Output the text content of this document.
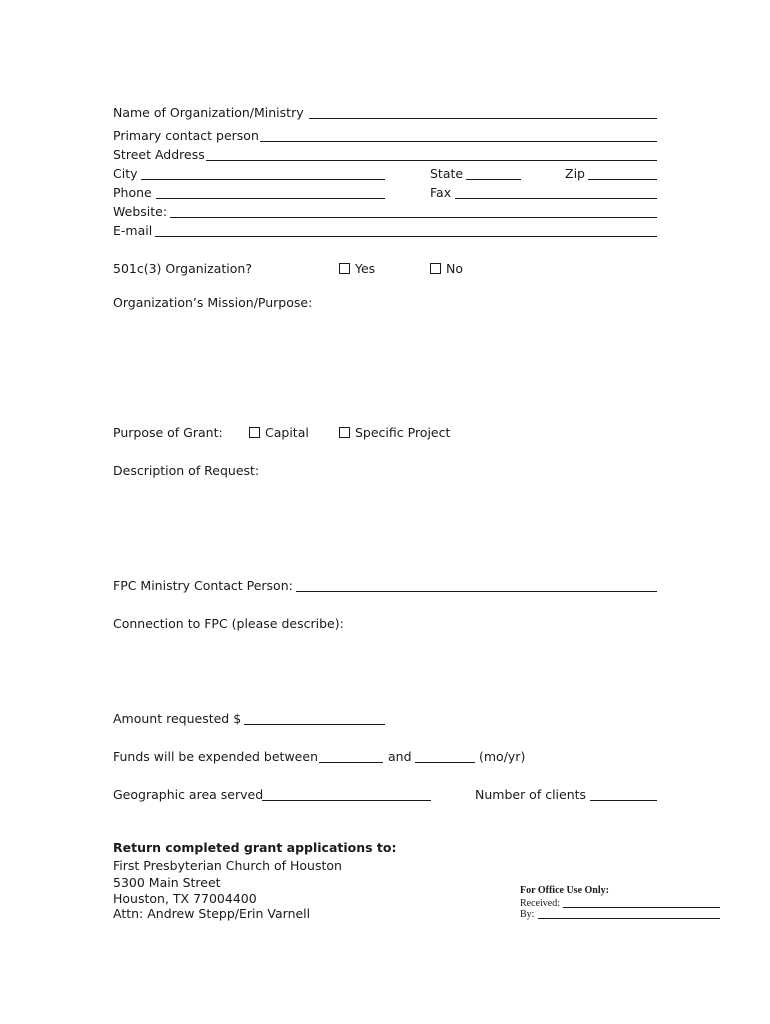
Name of Organization/Ministry
Primary contact person
Street Address
City	State	Zip
Phone	Fax
Website:
E-mail
501c(3) Organization?	Yes	No
Organization’s Mission/Purpose:
Purpose of Grant:	Capital	Specific Project
Description of Request:
FPC Ministry Contact Person:
Connection to FPC (please describe):
Amount requested $
Funds will be expended between	and	(mo/yr)
Geographic area served	Number of clients
Return completed grant applications to:
First Presbyterian Church of Houston
5300 Main Street
Houston, TX 77004400
Attn: Andrew Stepp/Erin Varnell
For Office Use Only:
Received:
By:
